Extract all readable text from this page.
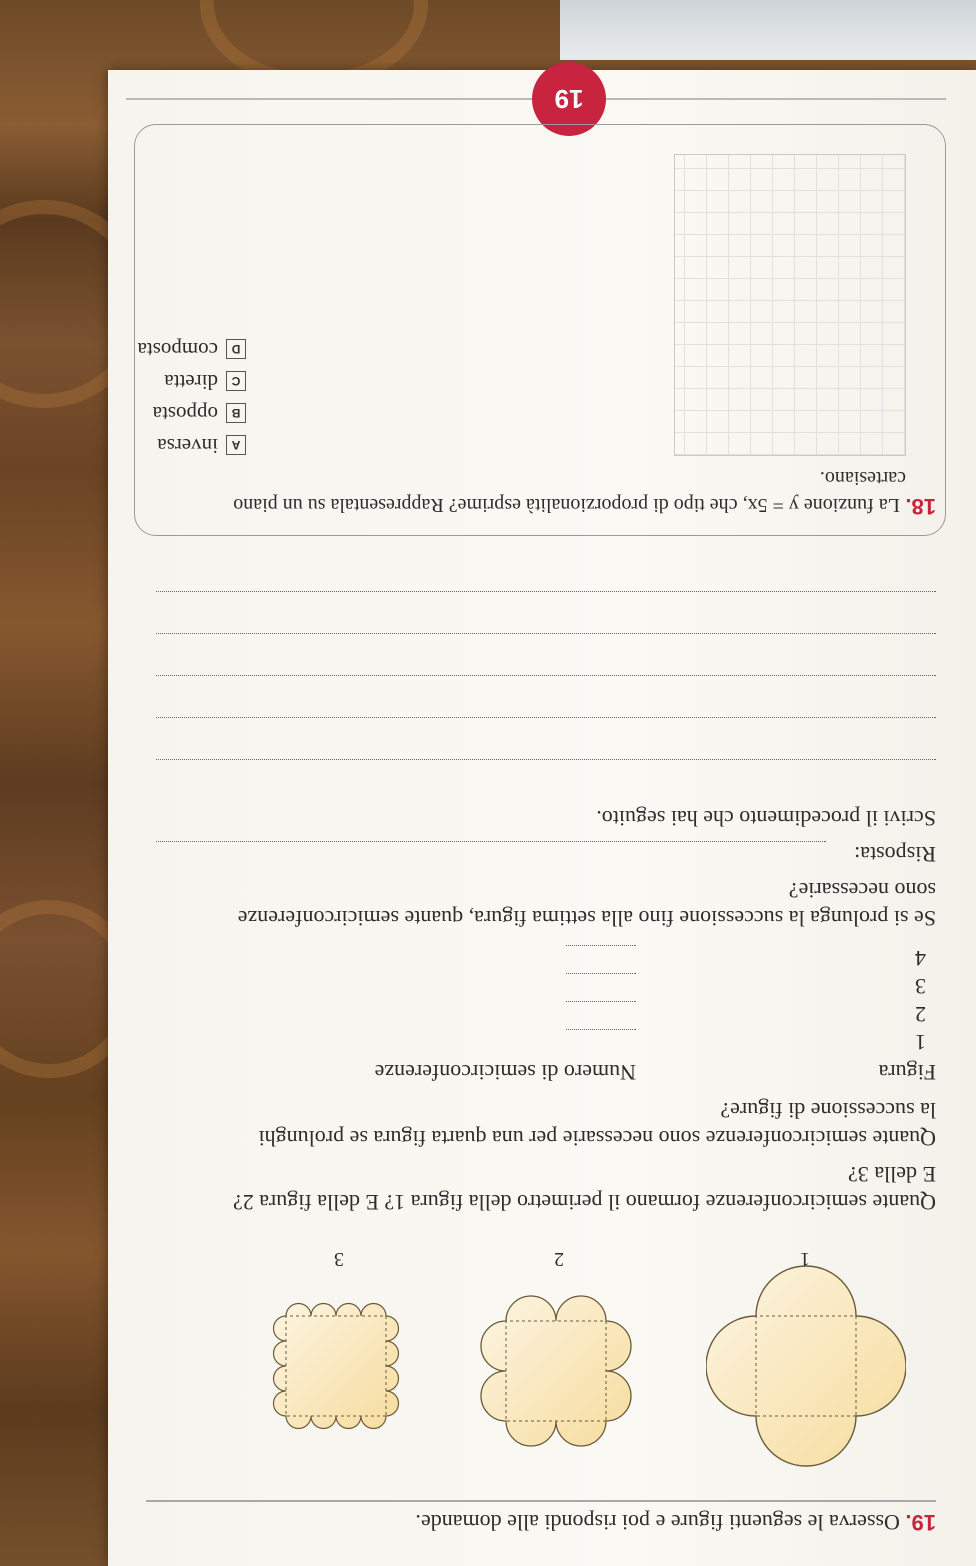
19
19. Osserva le seguenti figure e poi rispondi alle domande.
1
2
3
Quante semicirconferenze formano il perimetro della figura 1? E della figura 2?
E della 3?
Quante semicirconferenze sono necessarie per una quarta figura se prolunghi
la successione di figure?
Figura
Numero di semicirconferenze
1
2
3
4
Se si prolunga la successione fino alla settima figura, quante semicirconferenze
sono necessarie?
Risposta:
Scrivi il procedimento che hai seguito.
18. La funzione y = 5x, che tipo di proporzionalità esprime? Rappresentala su un piano
cartesiano.
A
inversa
B
opposta
C
diretta
D
composta
